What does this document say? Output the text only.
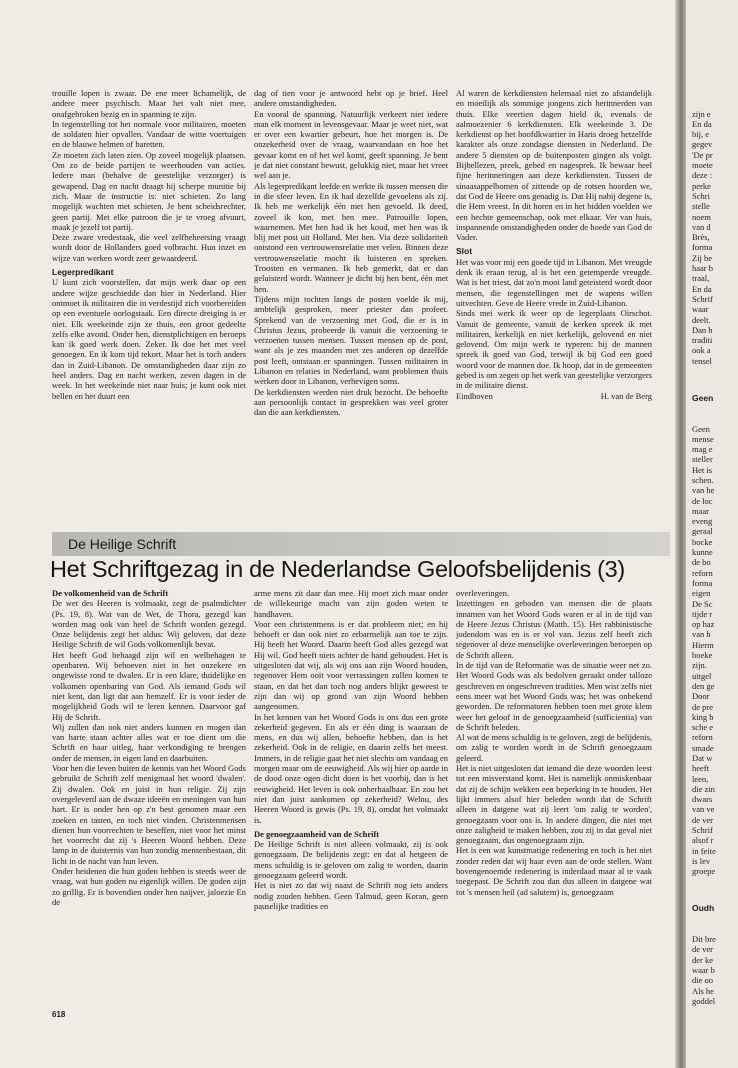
trouille lopen is zwaar. De ene meer lichamelijk, de andere meer psychisch. Maar het valt niet mee, onafgebroken bezig en in spanning te zijn.

In tegenstelling tot het normale voor militairen, moeten de soldaten hier opvallen. Vandaar de witte voertuigen en de blauwe helmen of baretten.

Ze moeten zich laten zien. Op zoveel mogelijk plaatsen. Om zo de beide partijen te weerhouden van acties. Iedere man (behalve de geestelijke verzorger) is gewapend. Dag en nacht draagt hij scherpe munitie bij zich. Maar de instructie is: niet schieten. Zo lang mogelijk wachten met schieten. Je bent scheidsrechter, geen partij. Met elke patroon die je te vroeg afvuurt, maak je jezelf tot partij.

Deze zware vredestaak, die veel zelfbeheersing vraagt wordt door de Hollanders goed volbracht. Hun inzet en wijze van werken wordt zeer gewaardeerd.

Legerpredikant

U kunt zich voorstellen, dat mijn werk daar op een andere wijze geschiedde dan hier in Nederland. Hier ontmoet ik militairen die in verdestijd zich voorbereiden op een eventuele oorlogstaak. Een directe dreiging is er niet. Elk weekeinde zijn ze thuis, een groot gedeelte zelfs elke avond. Onder hen, dienstplichtigen en beroeps kan ik goed werk doen. Zeker. Ik doe het met veel genoegen. En ik kom tijd tekort. Maar het is toch anders dan in Zuid-Libanon. De omstandigheden daar zijn zo heel anders. Dag en nacht werken, zeven dagen in de week. In het weekeinde niet naar huis; je kunt ook niet bellen en het duurt een

dag of tien voor je antwoord hebt op je brief. Heel andere omstandigheden.

En vooral de spanning. Natuurlijk verkeert niet iedere man elk moment in levensgevaar. Maar je weet niet, wat er over een kwartier gebeurt, hoe het morgen is. De onzekerheid over de vraag, waarvandaan en hoe het gevaar komt en of het wel komt, geeft spanning. Je bent je dat niet constant bewust, gelukkig niet, maar het vreet wel aan je.

Als legerpredikant leefde en werkte ik tussen mensen die in die sfeer leven. En ik had dezelfde gevoelens als zij. Ik heb me werkelijk één met hen gevoeld. Ik deed, zoveel ik kon, met hen mee. Patrouille lopen, waarnemen. Met hen had ik het koud, met hen was ik blij met post uit Holland. Met hen. Via deze solidariteit ontstond een vertrouwensrelatie met velen. Binnen deze vertrouwensrelatie mocht ik luisteren en spreken. Troosten en vermanen. Ik heb gemerkt, dat er dan geluisterd wordt. Wanneer je dicht bij hen bent, één met hen.

Tijdens mijn tochten langs de posten voelde ik mij, ambtelijk gesproken, meer priester dan profeet. Sprekend van de verzoening met God, die er is in Christus Jezus, probeerde ik vanuit die verzoening te verzoenen tussen mensen. Tussen mensen op de post, want als je zes maanden met zes anderen op dezelfde post leeft, ontstaan er spanningen. Tussen militairen in Libanon en relaties in Nederland, want problemen thuis werken door in Libanon, verhevigen soms.

De kerkdiensten werden niet druk bezocht. De behoefte aan persoonlijk contact in gesprekken was veel groter dan die aan kerkdiensten.

Al waren de kerkdiensten helemaal niet zo afstandelijk en moeilijk als sommige jongens zich herinnerden van thuis. Elke veertien dagen hield ik, evenals de aalmoezenier 6 kerkdiensten. Elk weekeinde 3. De kerkdienst op het hoofdkwartier in Haris droeg hetzelfde karakter als onze zondagse diensten in Nederland. De andere 5 diensten op de buitenposten gingen als volgt. Bijbellezen, preek, gebed en nagesprek. Ik bewaar heel fijne herinneringen aan deze kerkdiensten. Tussen de sinaasappelbomen of zittende op de rotsen hoorden we, dat God de Heere ons genadig is. Dat Hij nabij degene is, die Hem vreest. In dit horen en in het bidden voelden we een hechte gemeenschap, ook met elkaar. Ver van huis, inspannende omstandigheden onder de hoede van God de Vader.

Slot

Het was voor mij een goede tijd in Libanon. Met vreugde denk ik eraan terug, al is het een getemperde vreugde. Wat is het triest, dat zo'n mooi land geteisterd wordt door mensen, die tegenstellingen met de wapens willen uitvechten. Geve de Heere vrede in Zuid-Libanon.

Sinds mei werk ik weer op de legerplaats Oirschot. Vanuit de gemeente, vanuit de kerken spreek ik met militairen, kerkelijk en niet kerkelijk, gelovend en niet gelovend. Om mijn werk te typeren: bij de mannen spreek ik goed van God, terwijl ik bij God een goed woord voor de mannen doe. Ik hoop, dat in de gemeenten gebed is om zegen op het werk van geestelijke verzorgers in de militaire dienst.

Eindhoven	H. van de Berg
De Heilige Schrift
Het Schriftgezag in de Nederlandse Geloofsbelijdenis (3)
De volkomenheid van de Schrift

De wet des Heeren is volmaakt, zegt de psalmdichter (Ps. 19, 8). Wat van de Wet, de Thora, gezegd kan worden mag ook van heel de Schrift worden gezegd. Onze belijdenis zegt het aldus: Wij geloven, dat deze Heilige Schrift de wil Gods volkomenlijk bevat.

Het heeft God behaagd zijn wil en welbehagen te openbaren. Wij behoeven niet in het onzekere en ongewisse rond te dwalen. Er is een klare, duidelijke en volkomen openbaring van God. Als iemand Gods wil niet kent, dan ligt dat aan hemzelf. Er is voor ieder de mogelijkheid Gods wil te leren kennen. Daarvoor gaf Hij de Schrift.

Wij zullen dan ook niet anders kunnen en mogen dan van harte staan achter alles wat er toe dient om die Schrift en haar uitleg, haar verkondiging te brengen onder de mensen, in eigen land en daarbuiten.

Voor hen die leven buiten de kennis van het Woord Gods gebruikt de Schrift zelf menigmaal het woord 'dwalen'. Zij dwalen. Ook en juist in hun religie. Zij zijn overgeleverd aan de dwaze ideeën en meningen van hun hart. Er is onder hen op z'n best genomen maar een zoeken en tasten, en toch niet vinden. Christenmensen dienen hun voorrechten te beseffen, niet voor het minst het voorrecht dat zij 's Heeren Woord hebben. Deze lamp in de duisternis van hun zondig mensenbestaan, dit licht in de nacht van hun leven.

Onder heidenen die hun goden hebben is steeds weer de vraag, wat hun goden nu eigenlijk willen. De goden zijn zo grillig. Er is bovendien onder hen naijver, jaloezie En de

arme mens zit daar dan mee. Hij moet zich maar onder de willekeurige macht van zijn goden weten te handhaven.

Voor een christenmens is er dat probleem niet; en hij behoeft er dan ook niet zo erbarmelijk aan toe te zijn. Hij heeft het Woord. Daarin heeft God alles gezegd wat Hij wil. God heeft niets achter de hand gehouden. Het is uitgesloten dat wij, als wij ons aan zijn Woord houden, tegenover Hem ooit voor verrassingen zullen komen te staan, en dat het dan toch nog anders blijkt geweest te zijn dan wij op grond van zijn Woord hebben aangenomen.

In het kennen van het Woord Gods is ons dus een grote zekerheid gegeven. En als er één ding is waaraan de mens, en dus wij allen, behoefte hebben, dan is het zekerheid. Ook in de religie, en daarin zelfs het meest. Immers, in de religie gaat het niet slechts om vandaag en morgen maar om de eeuwigheid. Als wij hier op aarde in de dood onze ogen dicht doen is het voorbij, dan is het eeuwigheid. Het leven is ook onherhaalbaar. En zou het niet dan juist aankomen op zekerheid? Welnu, des Heeren Woord is gewis (Ps. 19, 8), omdat het volmaakt is.

De genoegzaamheid van de Schrift

De Heilige Schrift is niet alleen volmaakt, zij is ook genoegzaam. De belijdenis zegt: en dat al hetgeen de mens schuldig is te geloven om zalig te worden, daarin genoegzaam geleerd wordt.

Het is niet zo dat wij naast de Schrift nog iets anders nodig zouden hebben. Geen Talmud, geen Koran, geen pauselijke tradities en

overleveringen.

Inzettingen en geboden van mensen die de plaats innamen van het Woord Gods waren er al in de tijd van de Heere Jezus Christus (Matth. 15). Het rabbinistische jodendom was en is er vol van. Jezus zelf heeft zich tegenover al deze menselijke overleveringen beroepen op de Schrift alleen.

In de tijd van de Reformatie was de situatie weer net zo. Het Woord Gods was als bedolven geraakt onder talloze geschreven en ongeschreven tradities. Men wist zelfs niet eens meer wat het Woord Gods was; het was onbekend geworden. De reformatoren hebben toen met grote klem weer het geloof in de genoegzaamheid (sufficientia) van de Schrift beleden.

Al wat de mens schuldig is te geloven, zegt de belijdenis, om zalig te worden wordt in de Schrift genoegzaam geleerd.

Het is niet uitgesloten dat iemand die deze woorden leest tot een misverstand komt. Het is namelijk onmiskenbaar dat zij de schijn wekken een beperking in te houden. Het lijkt immers alsof hier beleden wordt dat de Schrift alleen in datgene wat zij leert 'om zalig te worden', genoegzaam voor ons is. In andere dingen, die niet met onze zaligheid te maken hebben, zou zij in dat geval niet genoegzaam, dus ongenoegzaam zijn.

Het is een wat kunstmatige redenering en toch is het niet zonder reden dat wij haar even aan de orde stellen. Want bovengenoemde redenering is inderdaad maar al te vaak toegepast. De Schrift zou dan dus alleen in datgene wat tot 's mensen heil (ad salutem) is, genoegzaam

618

zijn e
En da
bij, e
gegev
'De pr
moete
deze :
perke
Schri
stelle
noem
van d
Brès,
forma
Zij be
haar b
traal,
En da
Schrif
waar
deelt.
Dan h
traditi
ook a
tensel

Geen

Geen
mense
mag e
steller
Het is
schen.
van he
de loc
maar
eveng
geraal
bocke
kunne
de bo
reforn
forma
eigen
De Sc
tijde r
op haz
van h
Hierm
boeke
zijn.
uitgel
den ge
Door
de pre
king b
sche e
reforn
smade
Dat w
heeft
leen,
die zin
dwars
van ve
de ver
Schrif
alsof r
in feite
is lev
groepe

Oudh

Dit bre
de ver
der ke
waar b
die oo
Als he
goddel
